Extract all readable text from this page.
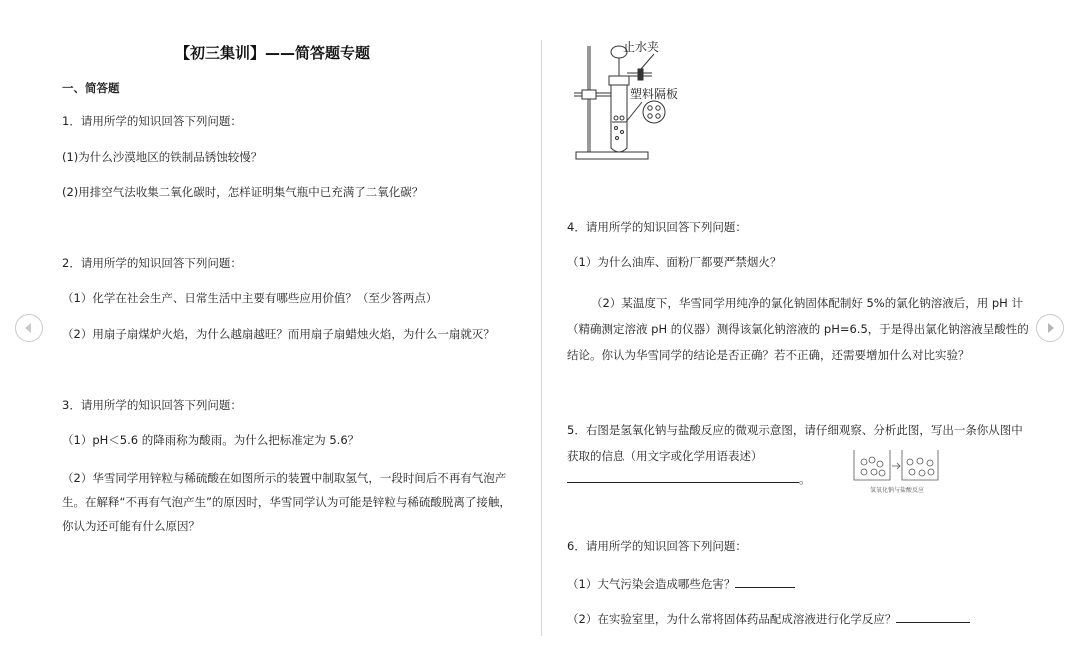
【初三集训】——简答题专题
一、简答题
1．请用所学的知识回答下列问题：
(1)为什么沙漠地区的铁制品锈蚀较慢？
(2)用排空气法收集二氧化碳时，怎样证明集气瓶中已充满了二氧化碳？
2．请用所学的知识回答下列问题：
（1）化学在社会生产、日常生活中主要有哪些应用价值？（至少答两点）
（2）用扇子扇煤炉火焰，为什么越扇越旺？而用扇子扇蜡烛火焰，为什么一扇就灭？
3．请用所学的知识回答下列问题：
（1）pH＜5.6 的降雨称为酸雨。为什么把标准定为 5.6？
（2）华雪同学用锌粒与稀硫酸在如图所示的装置中制取氢气，一段时间后不再有气泡产生。在解释“不再有气泡产生”的原因时，华雪同学认为可能是锌粒与稀硫酸脱离了接触，你认为还可能有什么原因？
止水夹
塑料隔板
4．请用所学的知识回答下列问题：
（1）为什么油库、面粉厂都要严禁烟火？
（2）某温度下，华雪同学用纯净的氯化钠固体配制好 5%的氯化钠溶液后，用 pH 计（精确测定溶液 pH 的仪器）测得该氯化钠溶液的 pH=6.5，于是得出氯化钠溶液呈酸性的结论。你认为华雪同学的结论是否正确？若不正确，还需要增加什么对比实验？
5．右图是氢氧化钠与盐酸反应的微观示意图，请仔细观察、分析此图，写出一条你从图中获取的信息（用文字或化学用语表述）
。
氢氧化钠与盐酸反应
6．请用所学的知识回答下列问题：
（1）大气污染会造成哪些危害？
（2）在实验室里，为什么常将固体药品配成溶液进行化学反应？
